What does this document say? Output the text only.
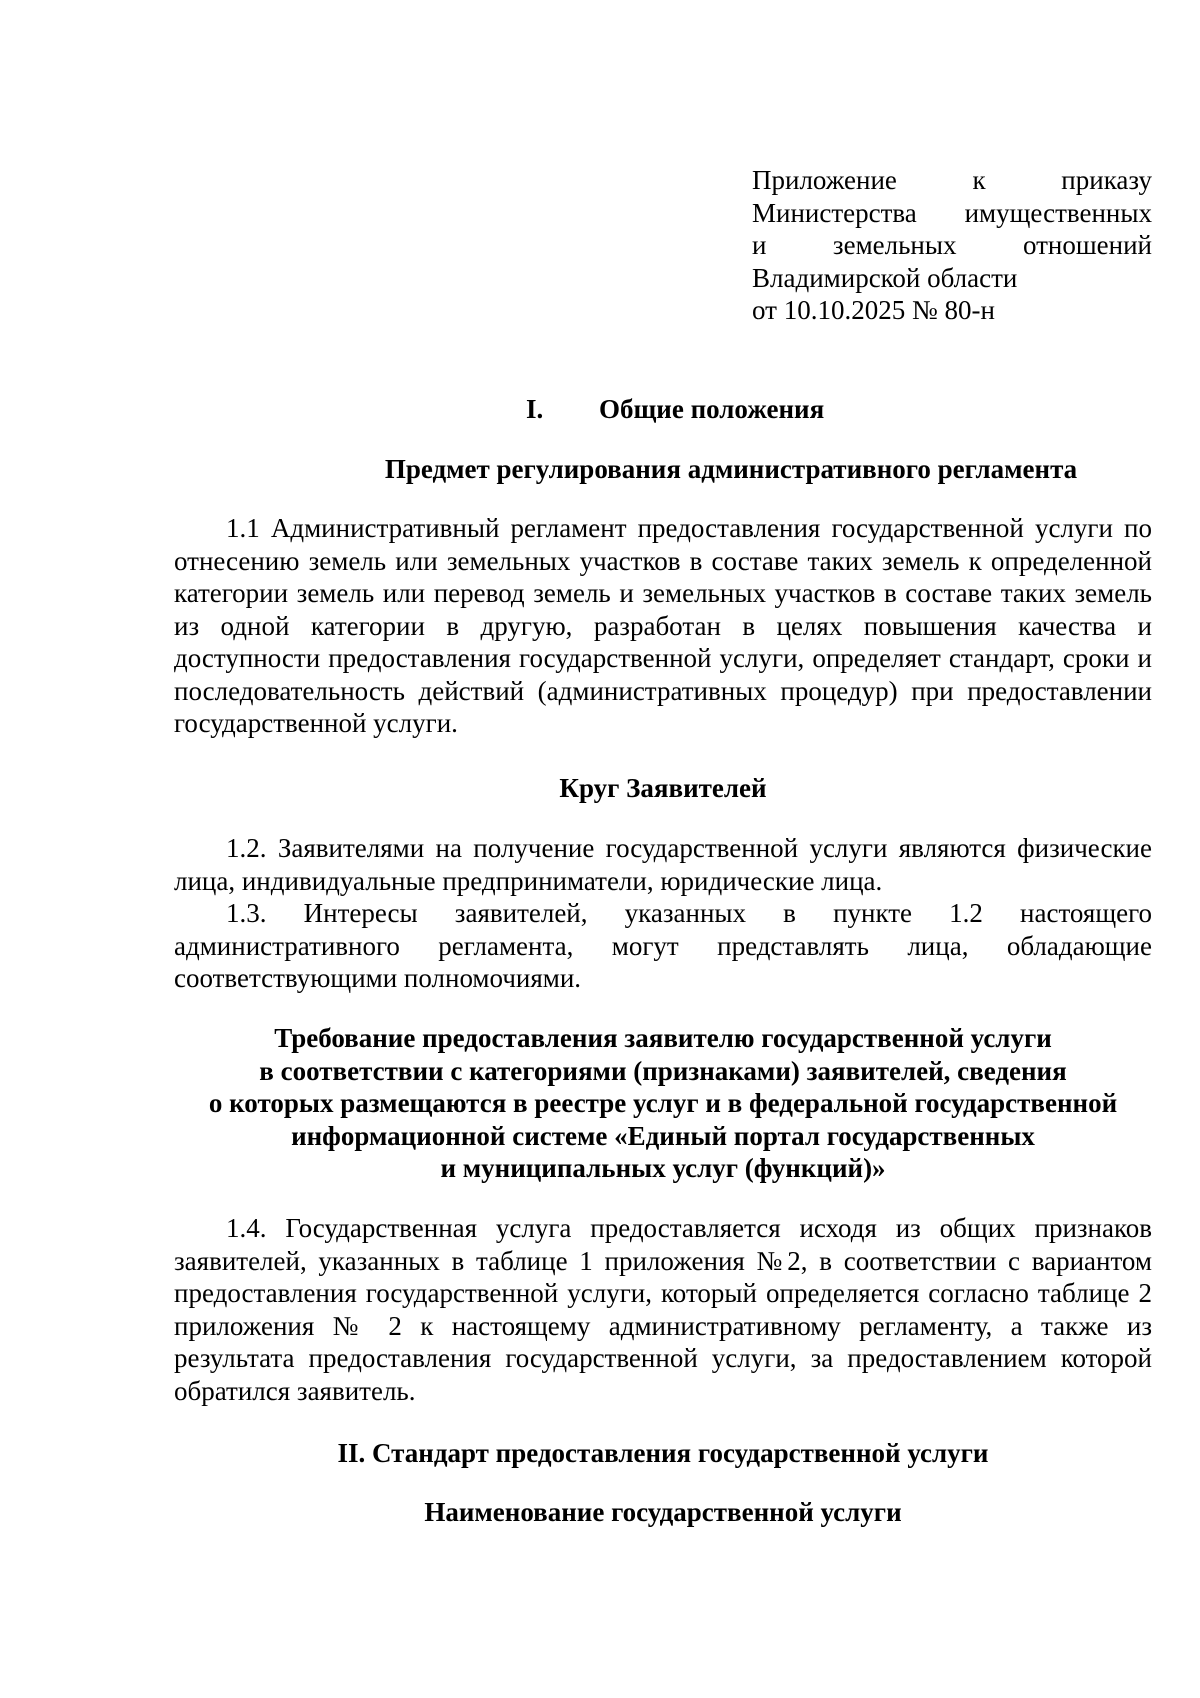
Приложение к приказу
Министерства имущественных
и земельных отношений
Владимирской области
от 10.10.2025 № 80-н
I. Общие положения

Предмет регулирования административного регламента

1.1 Административный регламент предоставления государственной услуги по отнесению земель или земельных участков в составе таких земель к определенной категории земель или перевод земель и земельных участков в составе таких земель из одной категории в другую, разработан в целях повышения качества и доступности предоставления государственной услуги, определяет стандарт, сроки и последовательность действий (административных процедур) при предоставлении государственной услуги.

Круг Заявителей

1.2. Заявителями на получение государственной услуги являются физические лица, индивидуальные предприниматели, юридические лица.

1.3. Интересы заявителей, указанных в пункте 1.2 настоящего административного регламента, могут представлять лица, обладающие соответствующими полномочиями.

Требование предоставления заявителю государственной услуги

в соответствии с категориями (признаками) заявителей, сведения

о которых размещаются в реестре услуг и в федеральной государственной

информационной системе «Единый портал государственных

и муниципальных услуг (функций)»

1.4. Государственная услуга предоставляется исходя из общих признаков заявителей, указанных в таблице 1 приложения №2, в соответствии с вариантом предоставления государственной услуги, который определяется согласно таблице 2 приложения № 2 к настоящему административному регламенту, а также из результата предоставления государственной услуги, за предоставлением которой обратился заявитель.

II. Стандарт предоставления государственной услуги

Наименование государственной услуги
